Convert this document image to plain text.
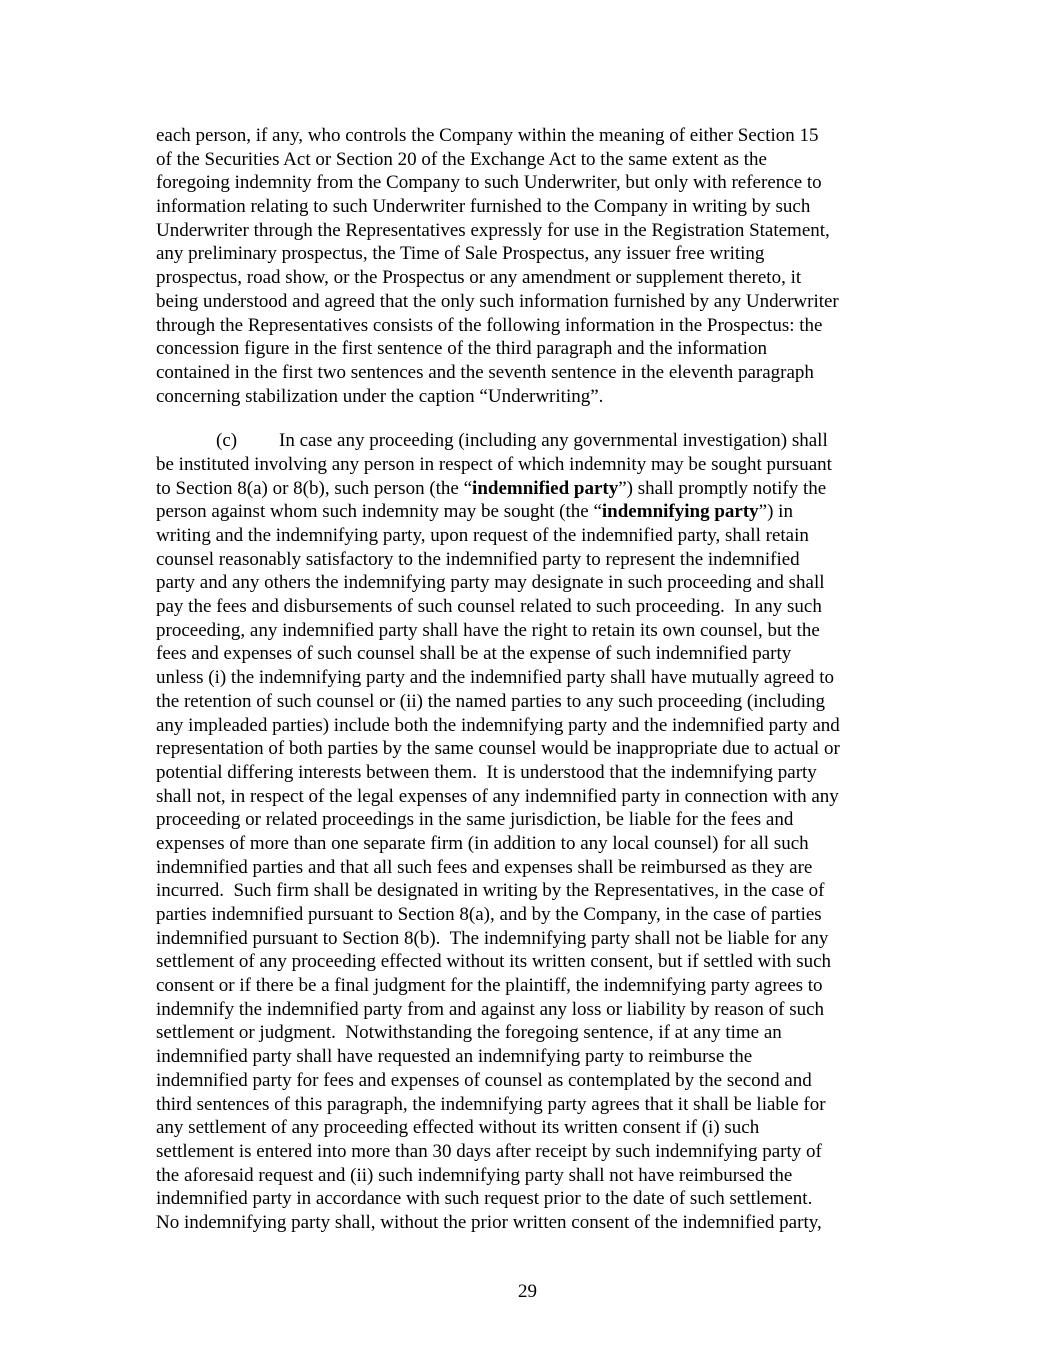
each person, if any, who controls the Company within the meaning of either Section 15
of the Securities Act or Section 20 of the Exchange Act to the same extent as the
foregoing indemnity from the Company to such Underwriter, but only with reference to
information relating to such Underwriter furnished to the Company in writing by such
Underwriter through the Representatives expressly for use in the Registration Statement,
any preliminary prospectus, the Time of Sale Prospectus, any issuer free writing
prospectus, road show, or the Prospectus or any amendment or supplement thereto, it
being understood and agreed that the only such information furnished by any Underwriter
through the Representatives consists of the following information in the Prospectus: the
concession figure in the first sentence of the third paragraph and the information
contained in the first two sentences and the seventh sentence in the eleventh paragraph
concerning stabilization under the caption “Underwriting”.
(c) In case any proceeding (including any governmental investigation) shall
be instituted involving any person in respect of which indemnity may be sought pursuant
to Section 8(a) or 8(b), such person (the “indemnified party”) shall promptly notify the
person against whom such indemnity may be sought (the “indemnifying party”) in
writing and the indemnifying party, upon request of the indemnified party, shall retain
counsel reasonably satisfactory to the indemnified party to represent the indemnified
party and any others the indemnifying party may designate in such proceeding and shall
pay the fees and disbursements of such counsel related to such proceeding.  In any such
proceeding, any indemnified party shall have the right to retain its own counsel, but the
fees and expenses of such counsel shall be at the expense of such indemnified party
unless (i) the indemnifying party and the indemnified party shall have mutually agreed to
the retention of such counsel or (ii) the named parties to any such proceeding (including
any impleaded parties) include both the indemnifying party and the indemnified party and
representation of both parties by the same counsel would be inappropriate due to actual or
potential differing interests between them.  It is understood that the indemnifying party
shall not, in respect of the legal expenses of any indemnified party in connection with any
proceeding or related proceedings in the same jurisdiction, be liable for the fees and
expenses of more than one separate firm (in addition to any local counsel) for all such
indemnified parties and that all such fees and expenses shall be reimbursed as they are
incurred.  Such firm shall be designated in writing by the Representatives, in the case of
parties indemnified pursuant to Section 8(a), and by the Company, in the case of parties
indemnified pursuant to Section 8(b).  The indemnifying party shall not be liable for any
settlement of any proceeding effected without its written consent, but if settled with such
consent or if there be a final judgment for the plaintiff, the indemnifying party agrees to
indemnify the indemnified party from and against any loss or liability by reason of such
settlement or judgment.  Notwithstanding the foregoing sentence, if at any time an
indemnified party shall have requested an indemnifying party to reimburse the
indemnified party for fees and expenses of counsel as contemplated by the second and
third sentences of this paragraph, the indemnifying party agrees that it shall be liable for
any settlement of any proceeding effected without its written consent if (i) such
settlement is entered into more than 30 days after receipt by such indemnifying party of
the aforesaid request and (ii) such indemnifying party shall not have reimbursed the
indemnified party in accordance with such request prior to the date of such settlement.
No indemnifying party shall, without the prior written consent of the indemnified party,
29
